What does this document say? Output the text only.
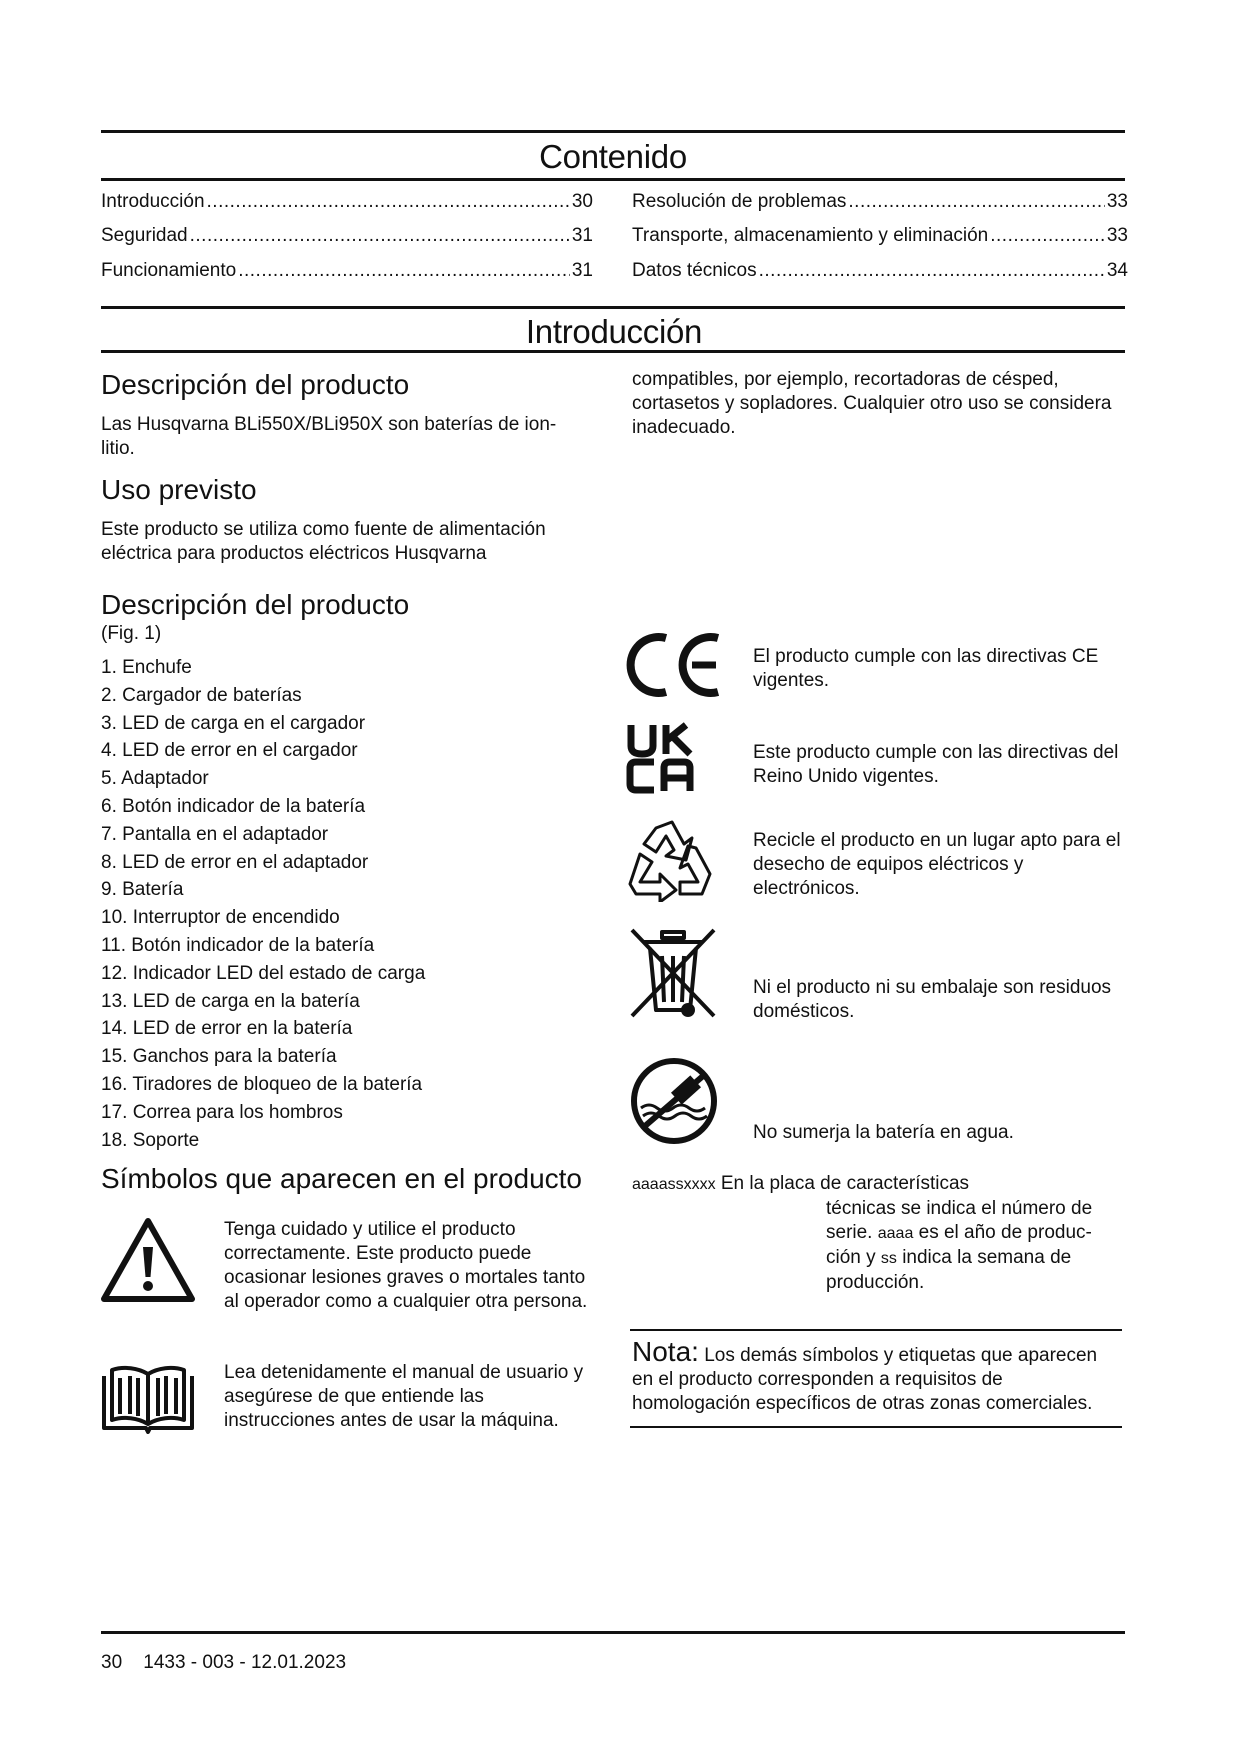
Contenido
Introducción .....	30
Seguridad .....	31
Funcionamiento .....	31
Resolución de problemas .....	33
Transporte, almacenamiento y eliminación .....	33
Datos técnicos .....	34
Introducción
Descripción del producto

Las Husqvarna BLi550X/BLi950X son baterías de ion-litio.

Uso previsto

Este producto se utiliza como fuente de alimentación eléctrica para productos eléctricos Husqvarna

compatibles, por ejemplo, recortadoras de césped, cortasetos y sopladores. Cualquier otro uso se considera inadecuado.

Descripción del producto

(Fig. 1)

1. Enchufe
2. Cargador de baterías
3. LED de carga en el cargador
4. LED de error en el cargador
5. Adaptador
6. Botón indicador de la batería
7. Pantalla en el adaptador
8. LED de error en el adaptador
9. Batería
10. Interruptor de encendido
11. Botón indicador de la batería
12. Indicador LED del estado de carga
13. LED de carga en la batería
14. LED de error en la batería
15. Ganchos para la batería
16. Tiradores de bloqueo de la batería
17. Correa para los hombros
18. Soporte
Símbolos que aparecen en el producto

Tenga cuidado y utilice el producto correctamente. Este producto puede ocasionar lesiones graves o mortales tanto al operador como a cualquier otra persona.

Lea detenidamente el manual de usuario y asegúrese de que entiende las instrucciones antes de usar la máquina.

El producto cumple con las directivas CE vigentes.

Este producto cumple con las directivas del Reino Unido vigentes.

Recicle el producto en un lugar apto para el desecho de equipos eléctricos y electrónicos.

Ni el producto ni su embalaje son residuos domésticos.

No sumerja la batería en agua.

aaaassxxxx En la placa de características

técnicas se indica el número de serie. aaaa es el año de produc-ción y ss indica la semana de producción.

Nota: Los demás símbolos y etiquetas que aparecen en el producto corresponden a requisitos de homologación específicos de otras zonas comerciales.

30    1433 - 003 - 12.01.2023
